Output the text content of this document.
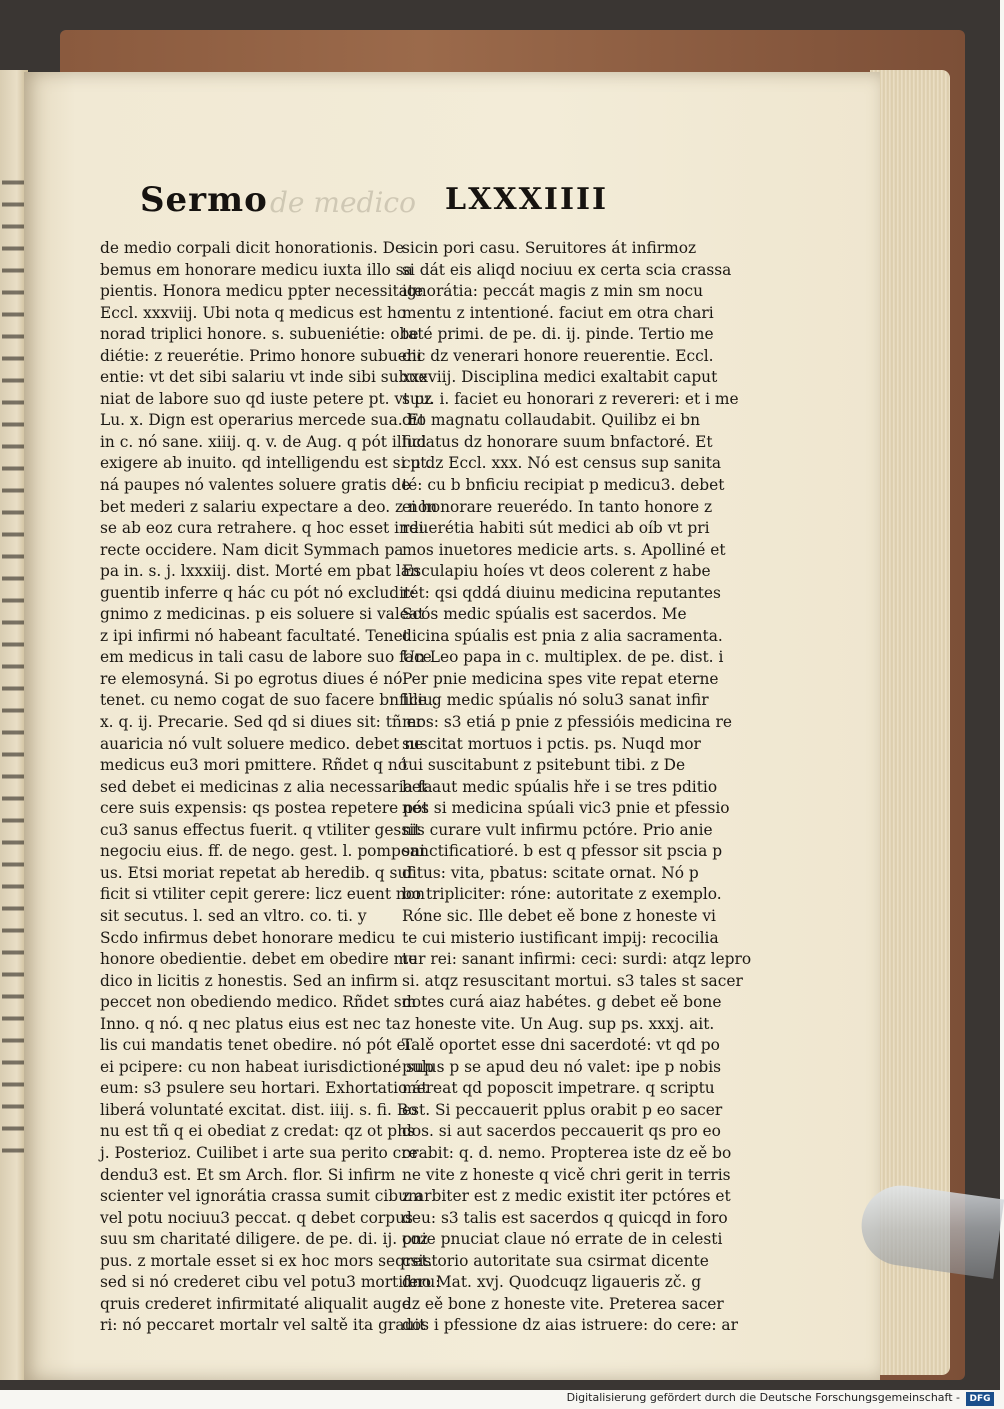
Sermo de medico LXXXIIII
de medio corpali dicit honorationis. De
bemus em honorare medicu iuxta illo sa
pientis. Honora medicu ppter necessitate
Eccl. xxxviij. Ubi nota q medicus est ho
norad triplici honore. s. subueniétie: obe
diétie: z reuerétie. Primo honore subueni
entie: vt det sibi salariu vt inde sibi subue
niat de labore suo qd iuste petere pt. vt pz
Lu. x. Dign est operarius mercede sua. Et
in c. nó sane. xiiij. q. v. de Aug. q pót illud
exigere ab inuito. qd intelligendu est si pt.
ná paupes nó valentes soluere gratis de
bet mederi z salariu expectare a deo. z non
se ab eoz cura retrahere. q hoc esset indi
recte occidere. Nam dicit Symmach pa
pa in. s. j. lxxxiij. dist. Morté em pbat lan
guentib inferre q hác cu pót nó excludit:
gnimo z medicinas. p eis soluere si valeat
z ipi infirmi nó habeant facultaté. Tenet
em medicus in tali casu de labore suo face
re elemosyná. Si po egrotus diues é nó
tenet. cu nemo cogat de suo facere bnficiu.
x. q. ij. Precarie. Sed qd si diues sit: tñ er
auaricia nó vult soluere medico. debet ne
medicus eu3 mori pmittere. Rñdet q nó
sed debet ei medicinas z alia necessaria fa
cere suis expensis: qs postea repetere pót
cu3 sanus effectus fuerit. q vtiliter gessit
negociu eius. ff. de nego. gest. l. pomponi
us. Etsi moriat repetat ab heredib. q suf
ficit si vtiliter cepit gerere: licz euent non
sit secutus. l. sed an vltro. co. ti. y
Scdo infirmus debet honorare medicu
honore obedientie. debet em obedire me
dico in licitis z honestis. Sed an infirm
peccet non obediendo medico. Rñdet sm
Inno. q nó. q nec platus eius est nec ta
lis cui mandatis tenet obedire. nó pót ei
ei pcipere: cu non habeat iurisdictioné sup
eum: s3 psulere seu hortari. Exhortatio át
liberá voluntaté excitat. dist. iiij. s. fi. Bo
nu est tñ q ei obediat z credat: qz ot phs
j. Posterioz. Cuilibet i arte sua perito cre
dendu3 est. Et sm Arch. flor. Si infirm
scienter vel ignorátia crassa sumit cibum
vel potu nociuu3 peccat. q debet corpus
suu sm charitaté diligere. de pe. di. ij. coz
pus. z mortale esset si ex hoc mors seqret.
sed si nó crederet cibu vel potu3 mortiferu:
qruis crederet infirmitaté aliqualit auge
ri: nó peccaret mortalr vel saltě ita grauit
sicin pori casu. Seruitores át infirmoz
si dát eis aliqd nociuu ex certa scia crassa
ignorátia: peccát magis z min sm nocu
mentu z intentioné. faciut em otra chari
taté primi. de pe. di. ij. pinde. Tertio me
dic dz venerari honore reuerentie. Eccl.
xxxviij. Disciplina medici exaltabit caput
suu. i. faciet eu honorari z revereri: et i me
dio magnatu collaudabit. Quilibz ei bn
ficiatus dz honorare suum bnfactoré. Et
cu dz Eccl. xxx. Nó est census sup sanita
té: cu b bnficiu recipiat p medicu3. debet
ei honorare reuerédo. In tanto honore z
reuerétia habiti sút medici ab oíb vt pri
mos inuetores medicie arts. s. Apolliné et
Esculapiu hoíes vt deos colerent z habe
rét: qsi qddá diuinu medicina reputantes
Scós medic spúalis est sacerdos. Me
dicina spúalis est pnia z alia sacramenta.
Un Leo papa in c. multiplex. de pe. dist. i
Per pnie medicina spes vite repat eterne
Ille g medic spúalis nó solu3 sanat infir
mos: s3 etiá p pnie z pfessióis medicina re
suscitat mortuos i pctis. ps. Nuqd mor
tui suscitabunt z psitebunt tibi. z De
bet aut medic spúalis hře i se tres pditio
nes si medicina spúali vic3 pnie et pfessio
nis curare vult infirmu pctóre. Prio anie
sanctificatioré. b est q pfessor sit pscia p
ditus: vita, pbatus: scitate ornat. Nó p
bo tripliciter: róne: autoritate z exemplo.
Róne sic. Ille debet eě bone z honeste vi
te cui misterio iustificant impij: recocilia
tur rei: sanant infirmi: ceci: surdi: atqz lepro
si. atqz resuscitant mortui. s3 tales st sacer
dotes curá aiaz habétes. g debet eě bone
z honeste vite. Un Aug. sup ps. xxxj. ait.
Talě oportet esse dni sacerdoté: vt qd po
pulus p se apud deu nó valet: ipe p nobis
mereat qd poposcit impetrare. q scriptu
est. Si peccauerit pplus orabit p eo sacer
dos. si aut sacerdos peccauerit qs pro eo
orabit: q. d. nemo. Propterea iste dz eě bo
ne vite z honeste q vicě chri gerit in terris
z arbiter est z medic existit iter pctóres et
deu: s3 talis est sacerdos q quicqd in foro
pnie pnuciat claue nó errate de in celesti
csistorio autoritate sua csirmat dicente
dno Mat. xvj. Quodcuqz ligaueris zč. g
dz eě bone z honeste vite. Preterea sacer
dos i pfessione dz aias istruere: do cere: ar
Digitalisierung gefördert durch die Deutsche Forschungsgemeinschaft -	DFG
